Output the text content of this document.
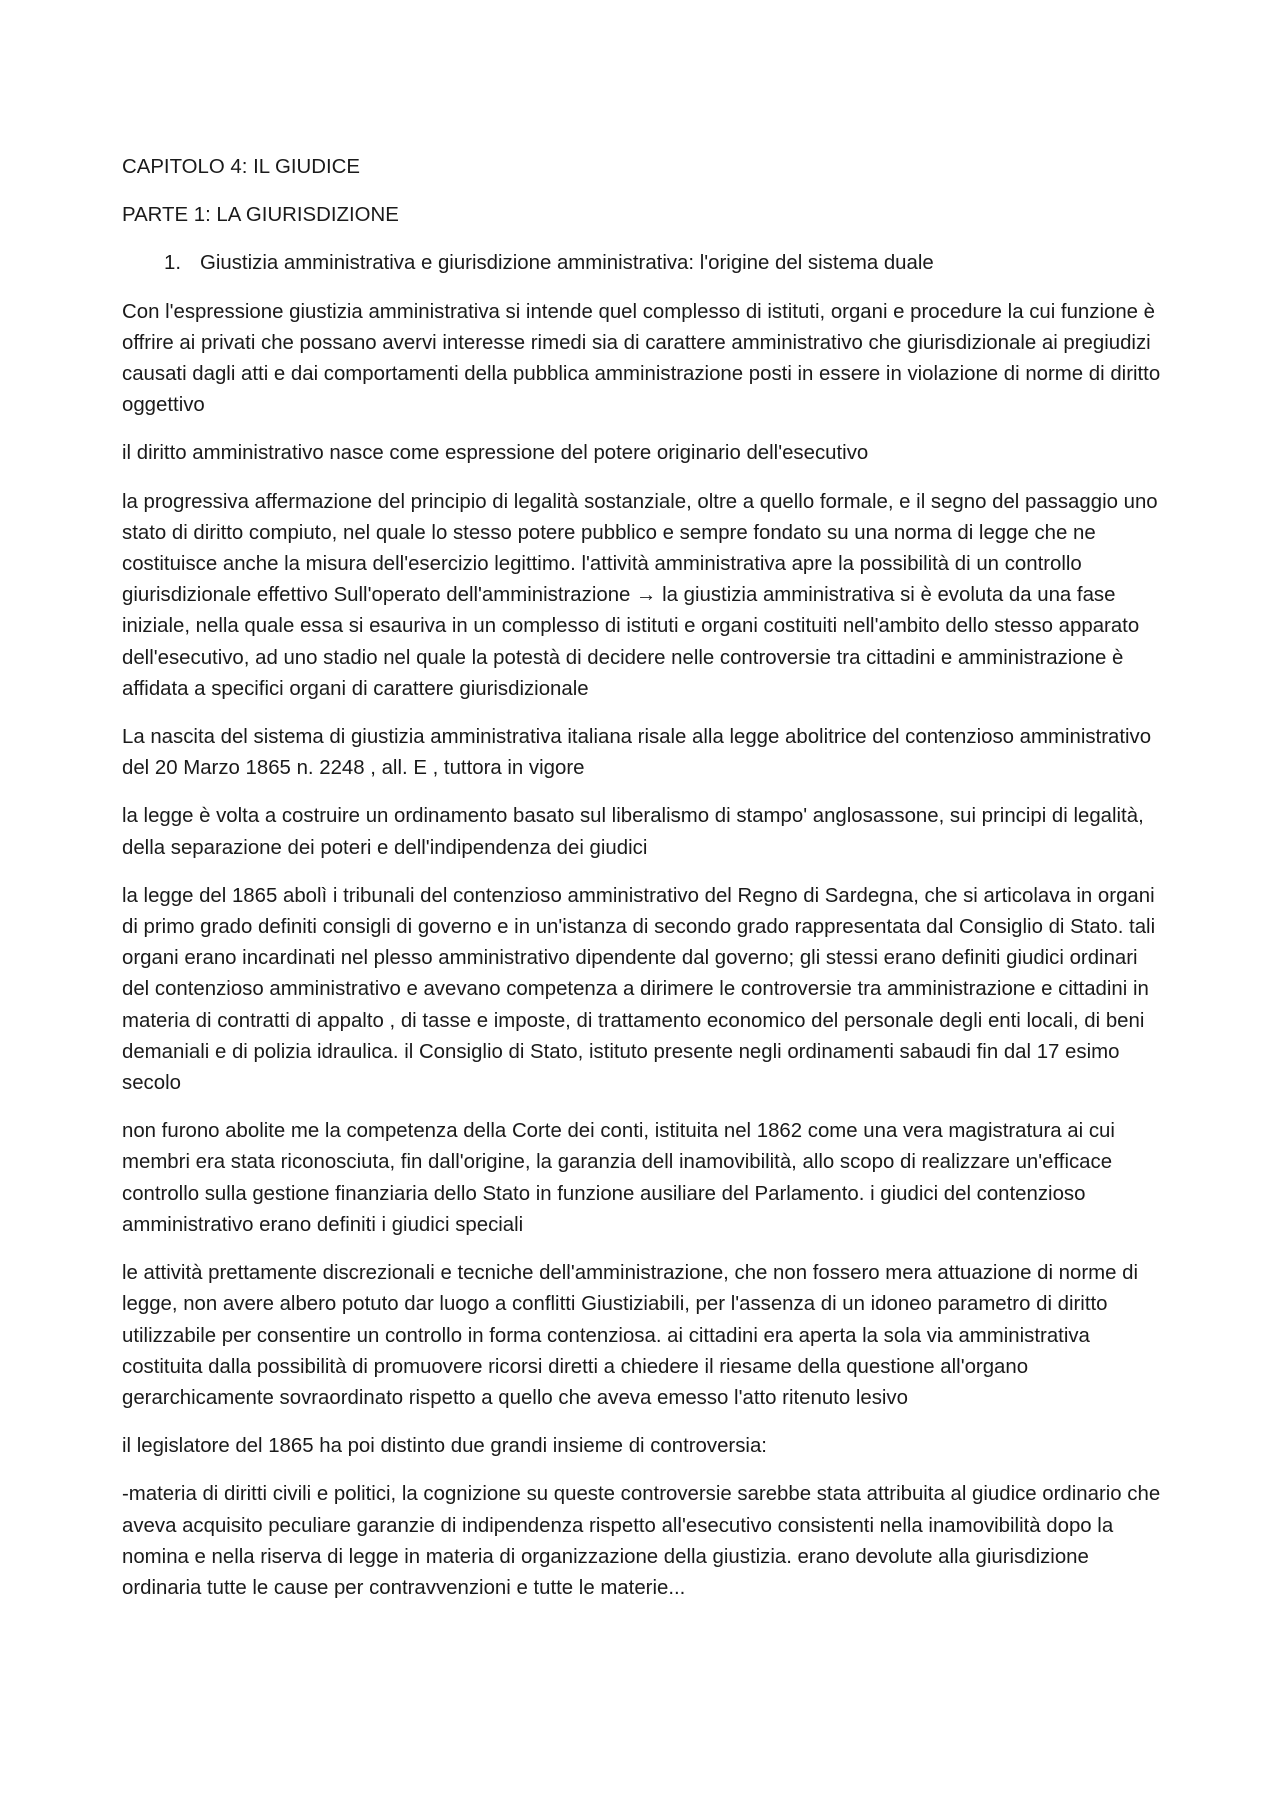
CAPITOLO 4: IL GIUDICE

PARTE 1: LA GIURISDIZIONE

1. Giustizia amministrativa e giurisdizione amministrativa: l'origine del sistema duale

Con l'espressione giustizia amministrativa si intende quel complesso di istituti, organi e procedure la cui funzione è offrire ai privati che possano avervi interesse rimedi sia di carattere amministrativo che giurisdizionale ai pregiudizi causati dagli atti e dai comportamenti della pubblica amministrazione posti in essere in violazione di norme di diritto oggettivo

il diritto amministrativo nasce come espressione del potere originario dell'esecutivo

la progressiva affermazione del principio di legalità sostanziale, oltre a quello formale, e il segno del passaggio uno stato di diritto compiuto, nel quale lo stesso potere pubblico e sempre fondato su una norma di legge che ne costituisce anche la misura dell'esercizio legittimo. l'attività amministrativa apre la possibilità di un controllo giurisdizionale effettivo Sull'operato dell'amministrazione → la giustizia amministrativa si è evoluta da una fase iniziale, nella quale essa si esauriva in un complesso di istituti e organi costituiti nell'ambito dello stesso apparato dell'esecutivo, ad uno stadio nel quale la potestà di decidere nelle controversie tra cittadini e amministrazione è affidata a specifici organi di carattere giurisdizionale

La nascita del sistema di giustizia amministrativa italiana risale alla legge abolitrice del contenzioso amministrativo del 20 Marzo 1865 n. 2248 , all. E , tuttora in vigore

la legge è volta a costruire un ordinamento basato sul liberalismo di stampo' anglosassone, sui principi di legalità, della separazione dei poteri e dell'indipendenza dei giudici

la legge del 1865 abolì i tribunali del contenzioso amministrativo del Regno di Sardegna, che si articolava in organi di primo grado definiti consigli di governo e in un'istanza di secondo grado rappresentata dal Consiglio di Stato. tali organi erano incardinati nel plesso amministrativo dipendente dal governo; gli stessi erano definiti giudici ordinari del contenzioso amministrativo e avevano competenza a dirimere le controversie tra amministrazione e cittadini in materia di contratti di appalto , di tasse e imposte, di trattamento economico del personale degli enti locali, di beni demaniali e di polizia idraulica. il Consiglio di Stato, istituto presente negli ordinamenti sabaudi fin dal 17 esimo secolo

non furono abolite me la competenza della Corte dei conti, istituita nel 1862 come una vera magistratura ai cui membri era stata riconosciuta, fin dall'origine, la garanzia dell inamovibilità, allo scopo di realizzare un'efficace controllo sulla gestione finanziaria dello Stato in funzione ausiliare del Parlamento. i giudici del contenzioso amministrativo erano definiti i giudici speciali

le attività prettamente discrezionali e tecniche dell'amministrazione, che non fossero mera attuazione di norme di legge, non avere albero potuto dar luogo a conflitti Giustiziabili, per l'assenza di un idoneo parametro di diritto utilizzabile per consentire un controllo in forma contenziosa. ai cittadini era aperta la sola via amministrativa costituita dalla possibilità di promuovere ricorsi diretti a chiedere il riesame della questione all'organo gerarchicamente sovraordinato rispetto a quello che aveva emesso l'atto ritenuto lesivo

il legislatore del 1865 ha poi distinto due grandi insieme di controversia:

-materia di diritti civili e politici, la cognizione su queste controversie sarebbe stata attribuita al giudice ordinario che aveva acquisito peculiare garanzie di indipendenza rispetto all'esecutivo consistenti nella inamovibilità dopo la nomina e nella riserva di legge in materia di organizzazione della giustizia. erano devolute alla giurisdizione ordinaria tutte le cause per contravvenzioni e tutte le materie...
